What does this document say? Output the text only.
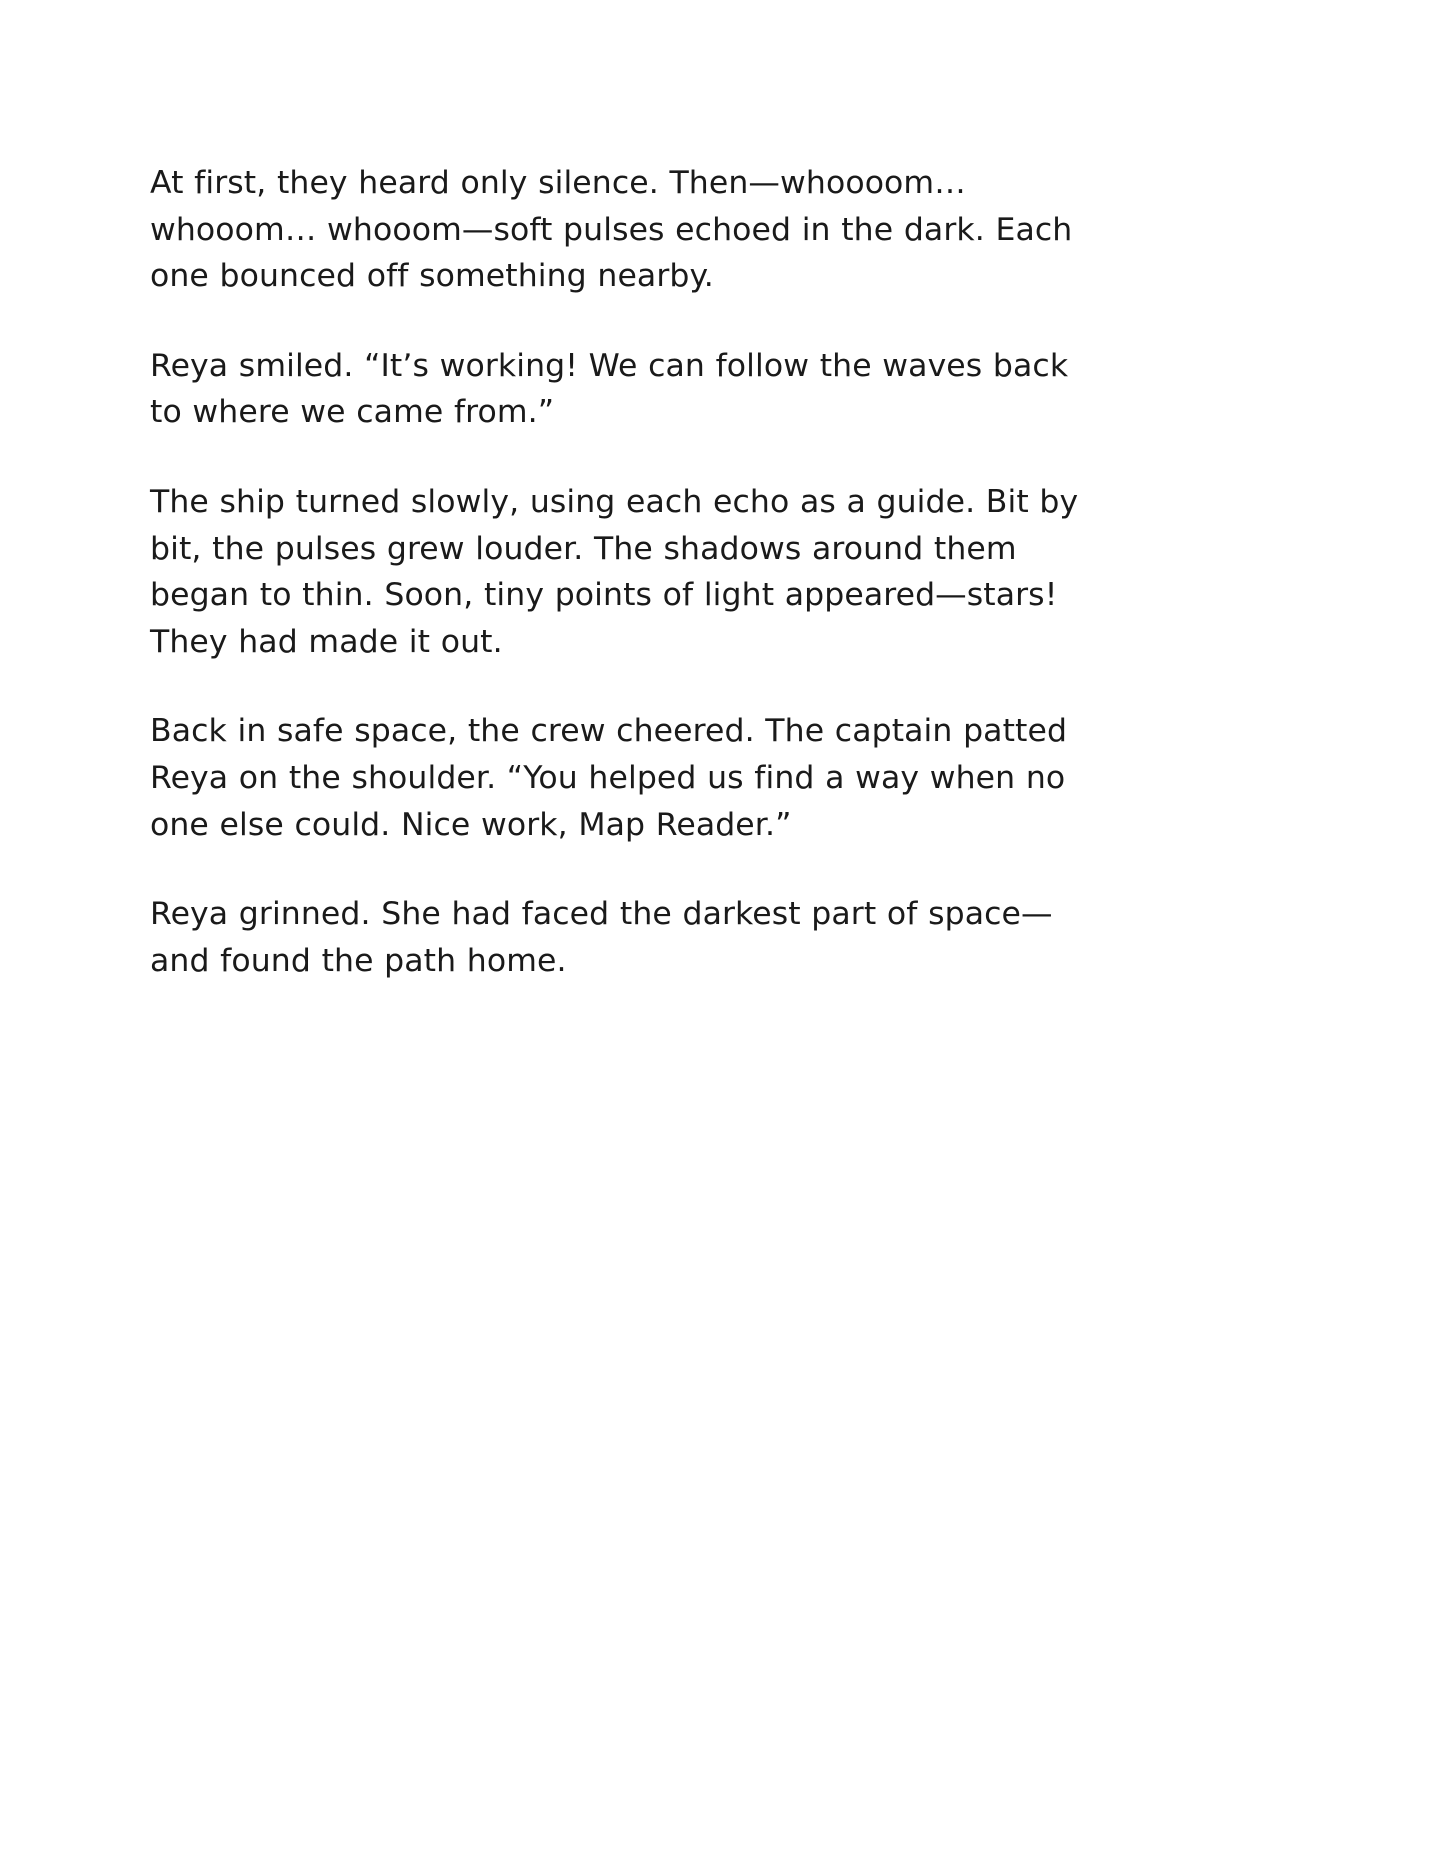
At first, they heard only silence. Then—whoooom… whooom… whooom—soft pulses echoed in the dark. Each one bounced off something nearby.

Reya smiled. “It’s working! We can follow the waves back to where we came from.”

The ship turned slowly, using each echo as a guide. Bit by bit, the pulses grew louder. The shadows around them began to thin. Soon, tiny points of light appeared—stars! They had made it out.

Back in safe space, the crew cheered. The captain patted Reya on the shoulder. “You helped us find a way when no one else could. Nice work, Map Reader.”

Reya grinned. She had faced the darkest part of space—and found the path home.
